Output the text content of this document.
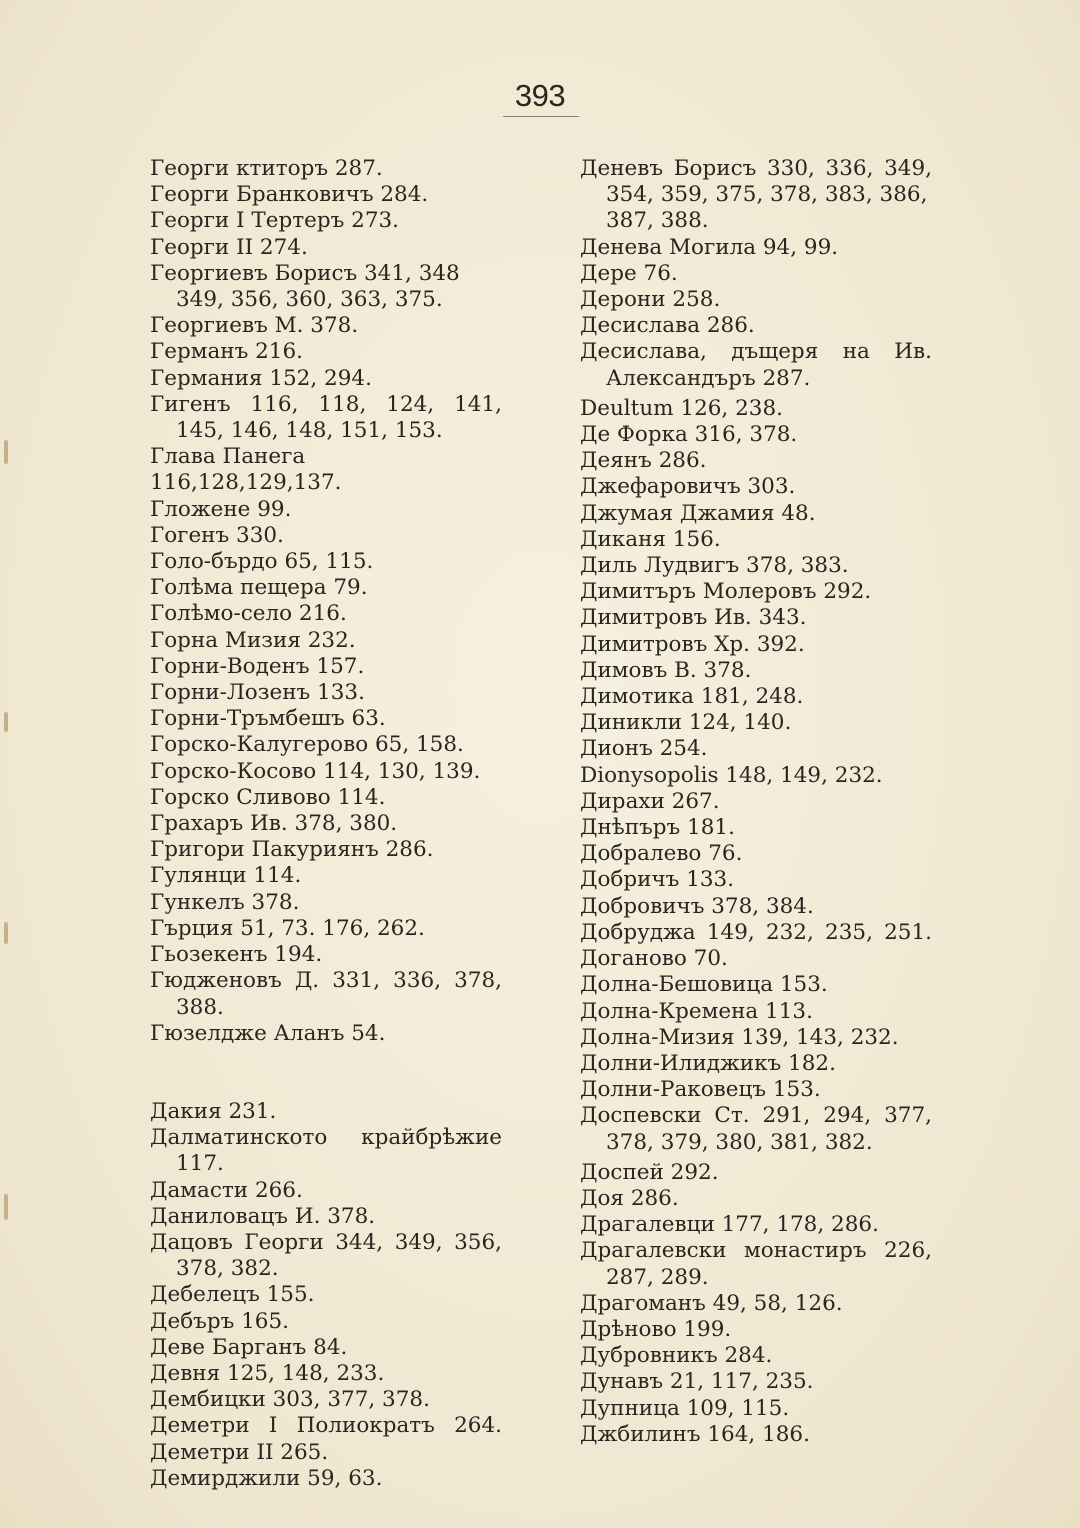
393
Георги ктиторъ 287.
Георги Бранковичъ 284.
Георги I Тертеръ 273.
Георги II 274.
Георгиевъ Борисъ 341, 348
349, 356, 360, 363, 375.
Георгиевъ М. 378.
Германъ 216.
Германия 152, 294.
Гигенъ 116, 118, 124, 141,
145, 146, 148, 151, 153.
Глава Панега 116,128,129,137.
Гложене 99.
Гогенъ 330.
Голо-бърдо 65, 115.
Голѣма пещера 79.
Голѣмо-село 216.
Горна Мизия 232.
Горни-Воденъ 157.
Горни-Лозенъ 133.
Горни-Тръмбешъ 63.
Горско-Калугерово 65, 158.
Горско-Косово 114, 130, 139.
Горско Сливово 114.
Грахаръ Ив. 378, 380.
Григори Пакуриянъ 286.
Гулянци 114.
Гункелъ 378.
Гърция 51, 73. 176, 262.
Гьозекенъ 194.
Гюдженовъ Д. 331, 336, 378,
388.
Гюзелдже Аланъ 54.
Дакия 231.
Далматинското крайбрѣжие
117.
Дамасти 266.
Даниловацъ И. 378.
Дацовъ Георги 344, 349, 356,
378, 382.
Дебелецъ 155.
Дебъръ 165.
Деве Барганъ 84.
Девня 125, 148, 233.
Дембицки 303, 377, 378.
Деметри I Полиократъ 264.
Деметри II 265.
Демирджили 59, 63.
Деневъ Борисъ 330, 336, 349,
354, 359, 375, 378, 383, 386,
387, 388.
Денева Могила 94, 99.
Дере 76.
Дерони 258.
Десислава 286.
Десислава, дъщеря на Ив.
Александъръ 287.
Deultum 126, 238.
Де Форка 316, 378.
Деянъ 286.
Джефаровичъ 303.
Джумая Джамия 48.
Диканя 156.
Диль Лудвигъ 378, 383.
Димитъръ Молеровъ 292.
Димитровъ Ив. 343.
Димитровъ Хр. 392.
Димовъ В. 378.
Димотика 181, 248.
Диникли 124, 140.
Дионъ 254.
Dionysopolis 148, 149, 232.
Дирахи 267.
Днѣпъръ 181.
Добралево 76.
Добричъ 133.
Добровичъ 378, 384.
Добруджа 149, 232, 235, 251.
Доганово 70.
Долна-Бешовица 153.
Долна-Кремена 113.
Долна-Мизия 139, 143, 232.
Долни-Илиджикъ 182.
Долни-Раковецъ 153.
Доспевски Ст. 291, 294, 377,
378, 379, 380, 381, 382.
Доспей 292.
Доя 286.
Драгалевци 177, 178, 286.
Драгалевски монастиръ 226,
287, 289.
Драгоманъ 49, 58, 126.
Дрѣново 199.
Дубровникъ 284.
Дунавъ 21, 117, 235.
Дупница 109, 115.
Джбилинъ 164, 186.
